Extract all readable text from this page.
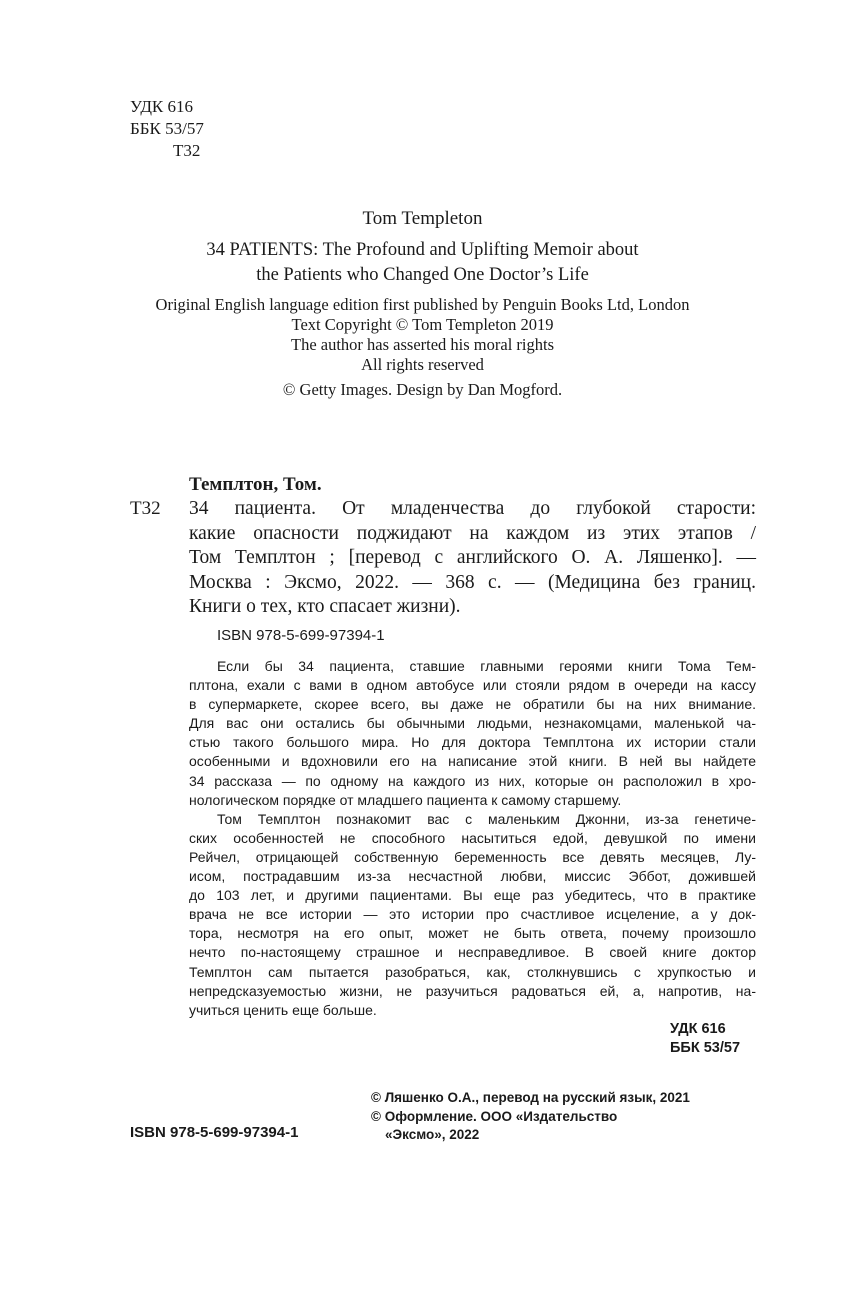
УДК 616
ББК 53/57
Т32
Tom Templeton
34 PATIENTS: The Profound and Uplifting Memoir about
the Patients who Changed One Doctor’s Life
Original English language edition first published by Penguin Books Ltd, London
Text Copyright © Tom Templeton 2019
The author has asserted his moral rights
All rights reserved
© Getty Images. Design by Dan Mogford.
Темплтон, Том.
Т32 34 пациента. От младенчества до глубокой старости:
какие опасности поджидают на каждом из этих этапов /
Том Темплтон ; [перевод с английского О. А. Ляшенко]. —
Москва : Эксмо, 2022. — 368 с. — (Медицина без границ.
Книги о тех, кто спасает жизни).
ISBN 978-5-699-97394-1
Если бы 34 пациента, ставшие главными героями книги Тома Тем-
плтона, ехали с вами в одном автобусе или стояли рядом в очереди на кассу
в супермаркете, скорее всего, вы даже не обратили бы на них внимание.
Для вас они остались бы обычными людьми, незнакомцами, маленькой ча-
стью такого большого мира. Но для доктора Темплтона их истории стали
особенными и вдохновили его на написание этой книги. В ней вы найдете
34 рассказа — по одному на каждого из них, которые он расположил в хро-
нологическом порядке от младшего пациента к самому старшему.
Том Темплтон познакомит вас с маленьким Джонни, из-за генетиче-
ских особенностей не способного насытиться едой, девушкой по имени
Рейчел, отрицающей собственную беременность все девять месяцев, Лу-
исом, пострадавшим из-за несчастной любви, миссис Эббот, дожившей
до 103 лет, и другими пациентами. Вы еще раз убедитесь, что в практике
врача не все истории — это истории про счастливое исцеление, а у док-
тора, несмотря на его опыт, может не быть ответа, почему произошло
нечто по-настоящему страшное и несправедливое. В своей книге доктор
Темплтон сам пытается разобраться, как, столкнувшись с хрупкостью и
непредсказуемостью жизни, не разучиться радоваться ей, а, напротив, на-
учиться ценить еще больше.
УДК 616
ББК 53/57
© Ляшенко О.А., перевод на русский язык, 2021
© Оформление. ООО «Издательство
«Эксмо», 2022
ISBN 978-5-699-97394-1
